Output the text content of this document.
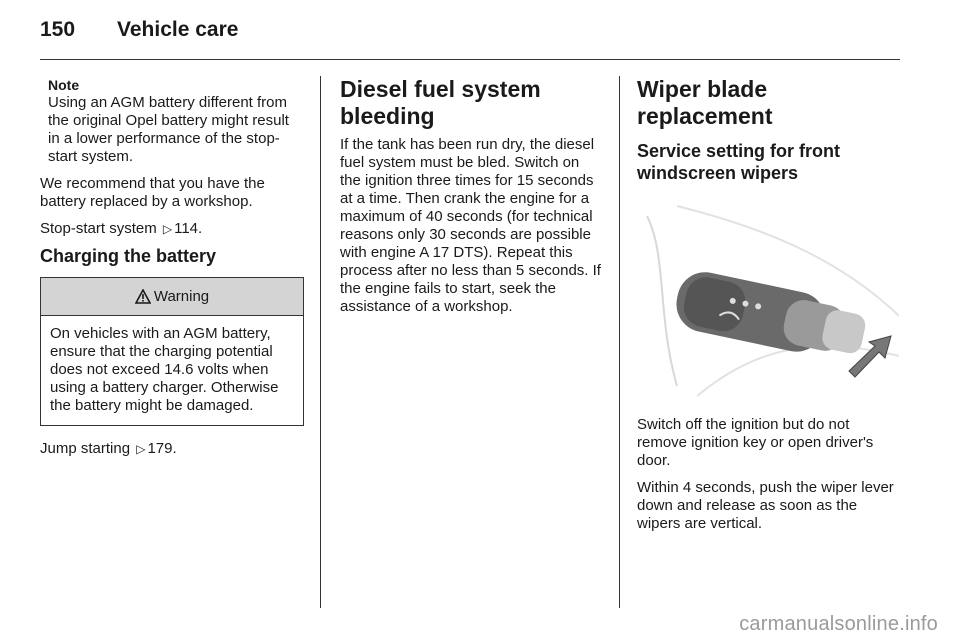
150 Vehicle care
Note
Using an AGM battery different from the original Opel battery might result in a lower performance of the stop-start system.

We recommend that you have the battery replaced by a workshop.

Stop-start system ▷ 114.

Charging the battery
Warning
On vehicles with an AGM battery, ensure that the charging potential does not exceed 14.6 volts when using a battery charger. Otherwise the battery might be damaged.

Jump starting ▷ 179.

Diesel fuel system bleeding

If the tank has been run dry, the diesel fuel system must be bled. Switch on the ignition three times for 15 seconds at a time. Then crank the engine for a maximum of 40 seconds (for technical reasons only 30 seconds are possible with engine A 17 DTS). Repeat this process after no less than 5 seconds. If the engine fails to start, seek the assistance of a workshop.

Wiper blade replacement
Service setting for front windscreen wipers

Switch off the ignition but do not remove ignition key or open driver's door.

Within 4 seconds, push the wiper lever down and release as soon as the wipers are vertical.

carmanualsonline.info
